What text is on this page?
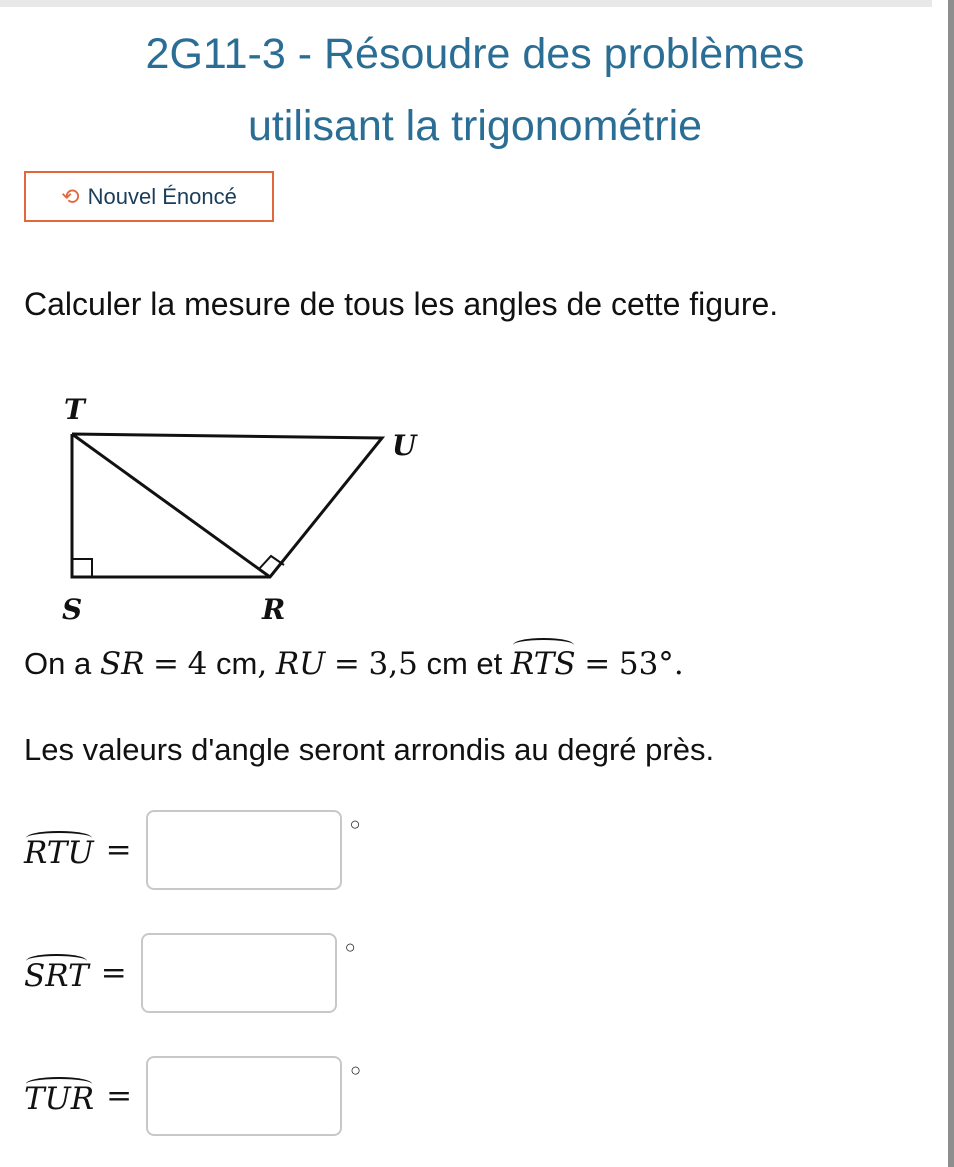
2G11-3 - Résoudre des problèmes
utilisant la trigonométrie
⟲ Nouvel Énoncé
Calculer la mesure de tous les angles de cette figure.
T
U
S	R
On a SR = 4 cm, RU = 3,5 cm et RTS = 53°.
Les valeurs d'angle seront arrondis au degré près.
RTU =
○
SRT =
○
TUR =
○
